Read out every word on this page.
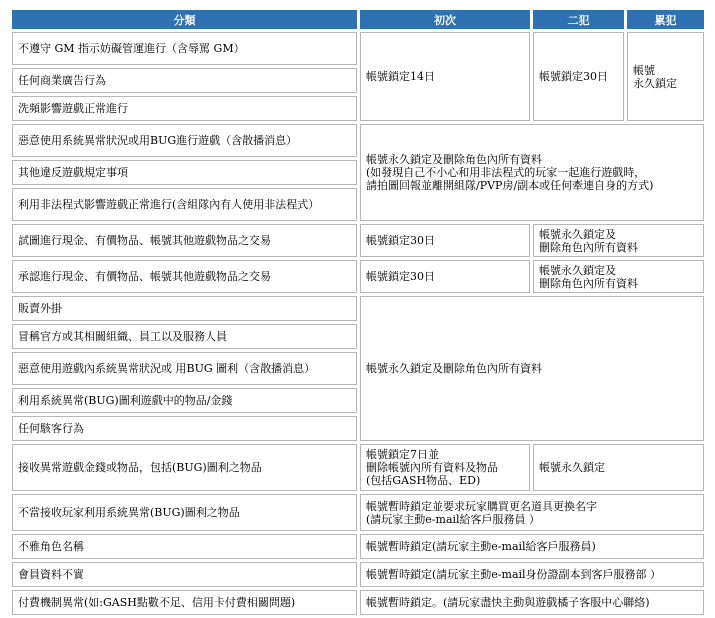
分類	初次	二犯	累犯
不遵守 GM 指示妨礙管運進行（含辱罵 GM）	帳號鎖定14日	帳號鎖定30日	帳號
永久鎖定

任何商業廣告行為			
洗頻影響遊戲正常進行			
惡意使用系統異常狀況或用BUG進行遊戲（含散播消息）	帳號永久鎖定及刪除角色內所有資料
(如發現自己不小心和用非法程式的玩家一起進行遊戲時，
請拍圖回報並離開組隊/PVP房/副本或任何牽連自身的方式)		

其他違反遊戲規定事項			
利用非法程式影響遊戲正常進行(含組隊內有人使用非法程式）			
試圖進行現金、有價物品、帳號其他遊戲物品之交易	帳號鎖定30日	帳號永久鎖定及
刪除角色內所有資料	

承認進行現金、有價物品、帳號其他遊戲物品之交易	帳號鎖定30日	帳號永久鎖定及
刪除角色內所有資料	

販賣外掛	帳號永久鎖定及刪除角色內所有資料		
冒稱官方或其相關組織、員工以及服務人員			
惡意使用遊戲內系統異常狀況或 用BUG 圖利（含散播消息）			
利用系統異常(BUG)圖利遊戲中的物品/金錢			
任何駭客行為			
接收異常遊戲金錢或物品，包括(BUG)圖利之物品	帳號鎖定7日並
刪除帳號內所有資料及物品
(包括GASH物品、ED)	帳號永久鎖定	
不當接收玩家利用系統異常(BUG)圖利之物品	帳號暫時鎖定並要求玩家購買更名道具更換名字
(請玩家主動e-mail給客戶服務員 ）		

不雅角色名稱	帳號暫時鎖定(請玩家主動e-mail給客戶服務員)		
會員資料不實	帳號暫時鎖定(請玩家主動e-mail身份證副本到客戶服務部 ）		
付費機制異常(如:GASH點數不足、信用卡付費相關問題)	帳號暫時鎖定。(請玩家盡快主動與遊戲橘子客服中心聯絡)		
